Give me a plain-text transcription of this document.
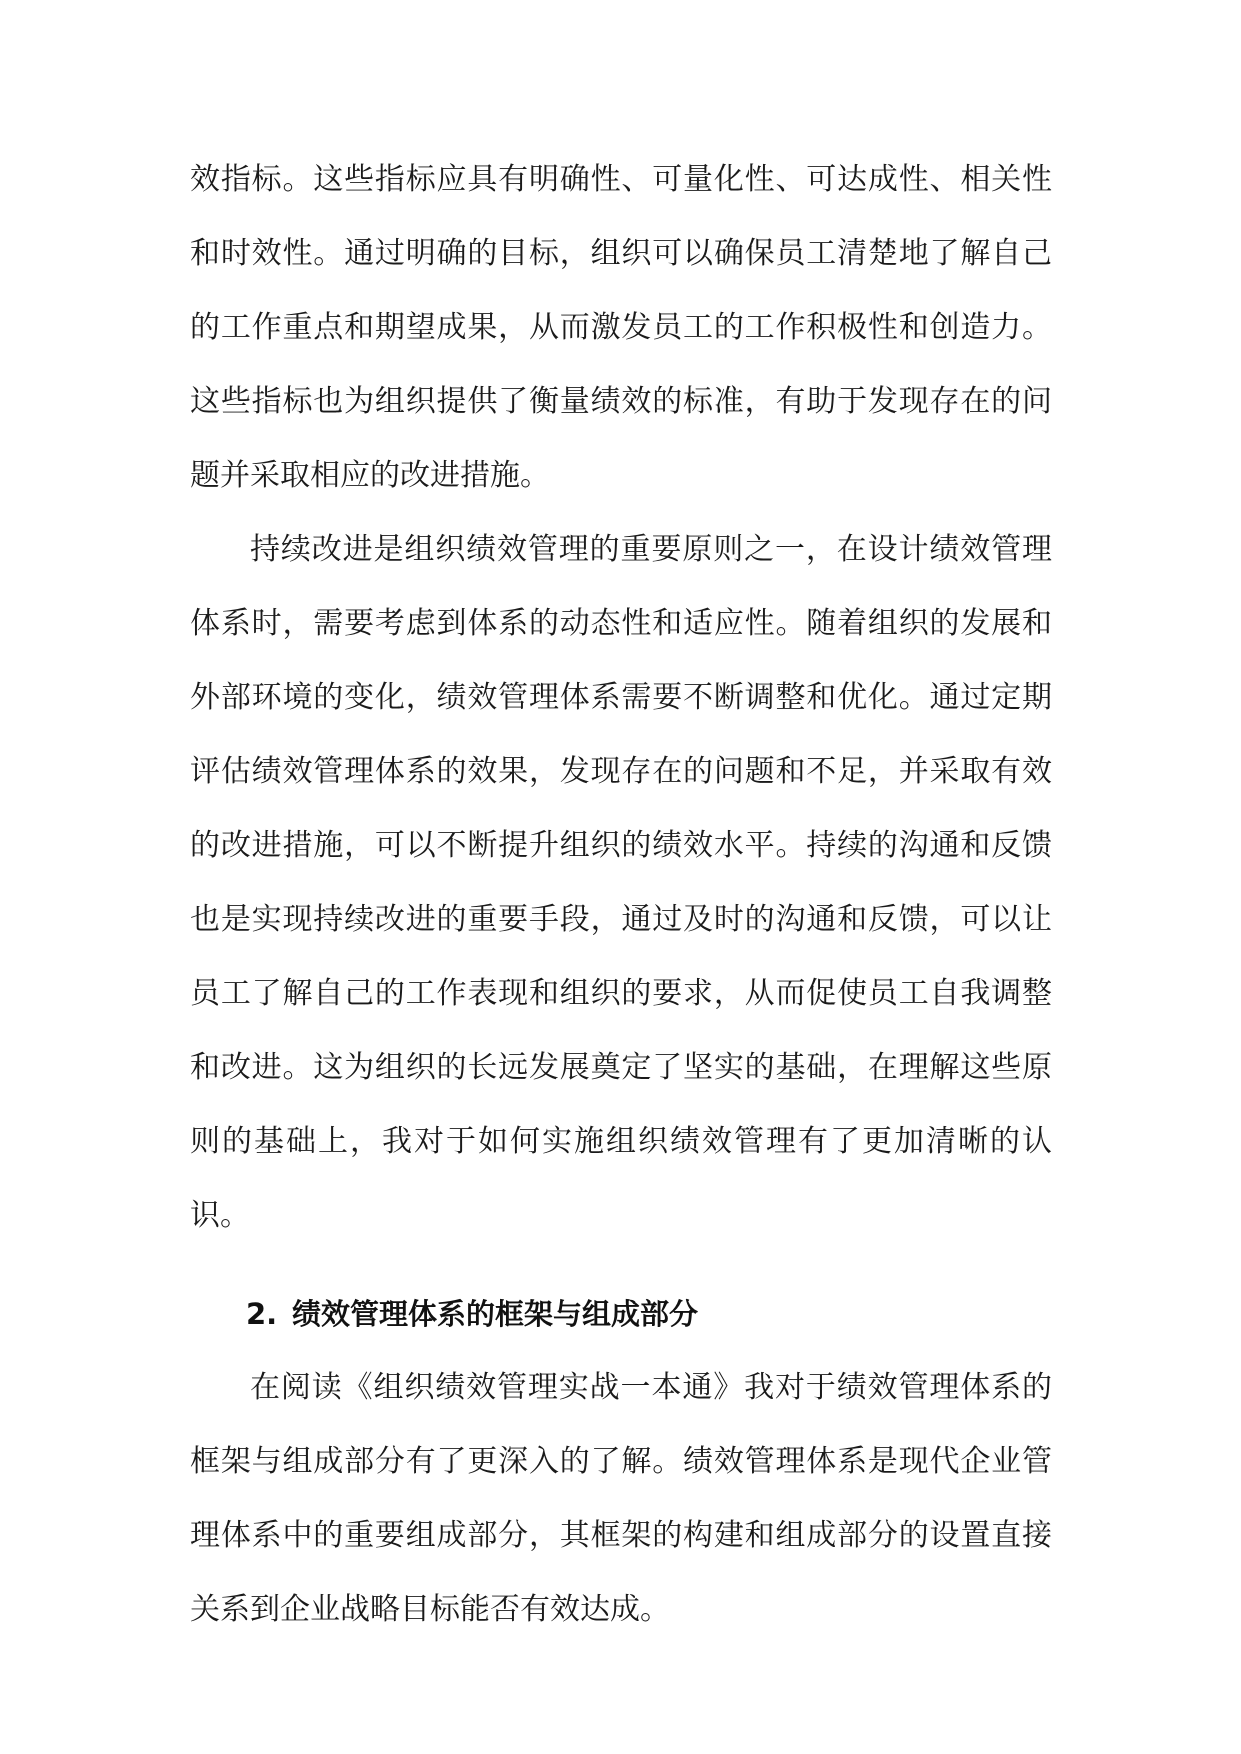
效指标。这些指标应具有明确性、可量化性、可达成性、相关性和时效性。通过明确的目标，组织可以确保员工清楚地了解自己的工作重点和期望成果，从而激发员工的工作积极性和创造力。这些指标也为组织提供了衡量绩效的标准，有助于发现存在的问题并采取相应的改进措施。

持续改进是组织绩效管理的重要原则之一，在设计绩效管理体系时，需要考虑到体系的动态性和适应性。随着组织的发展和外部环境的变化，绩效管理体系需要不断调整和优化。通过定期评估绩效管理体系的效果，发现存在的问题和不足，并采取有效的改进措施，可以不断提升组织的绩效水平。持续的沟通和反馈也是实现持续改进的重要手段，通过及时的沟通和反馈，可以让员工了解自己的工作表现和组织的要求，从而促使员工自我调整和改进。这为组织的长远发展奠定了坚实的基础，在理解这些原则的基础上，我对于如何实施组织绩效管理有了更加清晰的认识。

2. 绩效管理体系的框架与组成部分

在阅读《组织绩效管理实战一本通》我对于绩效管理体系的框架与组成部分有了更深入的了解。绩效管理体系是现代企业管理体系中的重要组成部分，其框架的构建和组成部分的设置直接关系到企业战略目标能否有效达成。
